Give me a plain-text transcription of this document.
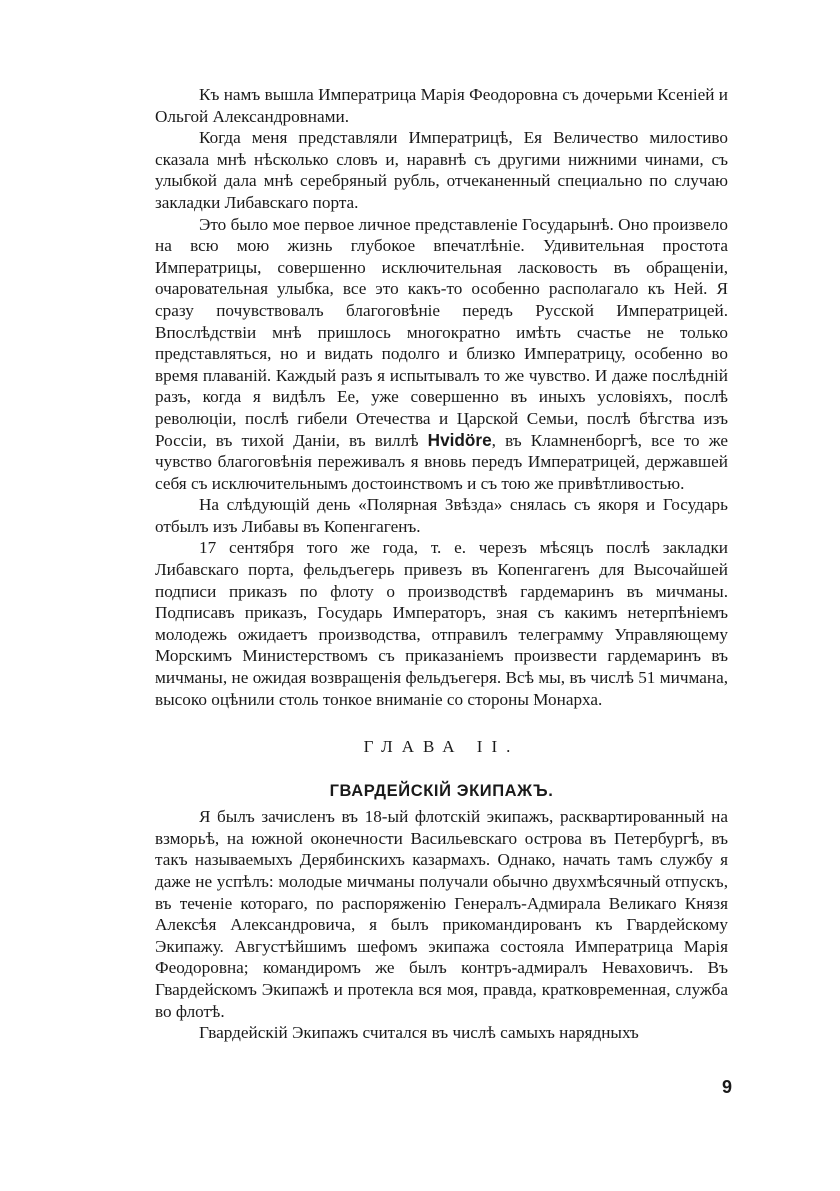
Къ намъ вышла Императрица Марія Феодоровна съ дочерьми Ксеніей и Ольгой Александровнами.

Когда меня представляли Императрицѣ, Ея Величество милостиво сказала мнѣ нѣсколько словъ и, наравнѣ съ другими нижними чинами, съ улыбкой дала мнѣ серебряный рубль, отчеканенный специально по случаю закладки Либавскаго порта.

Это было мое первое личное представленіе Государынѣ. Оно произвело на всю мою жизнь глубокое впечатлѣніе. Удивительная простота Императрицы, совершенно исключительная ласковость въ обращеніи, очаровательная улыбка, все это какъ-то особенно располагало къ Ней. Я сразу почувствовалъ благоговѣніе передъ Русской Императрицей. Впослѣдствіи мнѣ пришлось многократно имѣть счастье не только представляться, но и видать подолго и близко Императрицу, особенно во время плаваній. Каждый разъ я испытывалъ то же чувство. И даже послѣдній разъ, когда я видѣлъ Ее, уже совершенно въ иныхъ условіяхъ, послѣ революціи, послѣ гибели Отечества и Царской Семьи, послѣ бѣгства изъ Россіи, въ тихой Даніи, въ виллѣ Hvidöre, въ Кламненборгѣ, все то же чувство благоговѣнія переживалъ я вновь передъ Императрицей, державшей себя съ исключительнымъ достоинствомъ и съ тою же привѣтливостью.

На слѣдующій день «Полярная Звѣзда» снялась съ якоря и Государь отбылъ изъ Либавы въ Копенгагенъ.

17 сентября того же года, т. е. черезъ мѣсяцъ послѣ закладки Либавскаго порта, фельдъегерь привезъ въ Копенгагенъ для Высочайшей подписи приказъ по флоту о производствѣ гардемаринъ въ мичманы. Подписавъ приказъ, Государь Императоръ, зная съ какимъ нетерпѣніемъ молодежь ожидаетъ производства, отправилъ телеграмму Управляющему Морскимъ Министерствомъ съ приказаніемъ произвести гардемаринъ въ мичманы, не ожидая возвращенія фельдъегеря. Всѣ мы, въ числѣ 51 мичмана, высоко оцѣнили столь тонкое вниманіе со стороны Монарха.

ГЛАВА II.
ГВАРДЕЙСКІЙ ЭКИПАЖЪ.

Я былъ зачисленъ въ 18-ый флотскій экипажъ, расквартированный на взморьѣ, на южной оконечности Васильевскаго острова въ Петербургѣ, въ такъ называемыхъ Дерябинскихъ казармахъ. Однако, начать тамъ службу я даже не успѣлъ: молодые мичманы получали обычно двухмѣсячный отпускъ, въ теченіе котораго, по распоряженію Генералъ-Адмирала Великаго Князя Алексѣя Александровича, я былъ прикомандированъ къ Гвардейскому Экипажу. Августѣйшимъ шефомъ экипажа состояла Императрица Марія Феодоровна; командиромъ же былъ контръ-адмиралъ Неваховичъ. Въ Гвардейскомъ Экипажѣ и протекла вся моя, правда, кратковременная, служба во флотѣ.

Гвардейскій Экипажъ считался въ числѣ самыхъ нарядныхъ

9
